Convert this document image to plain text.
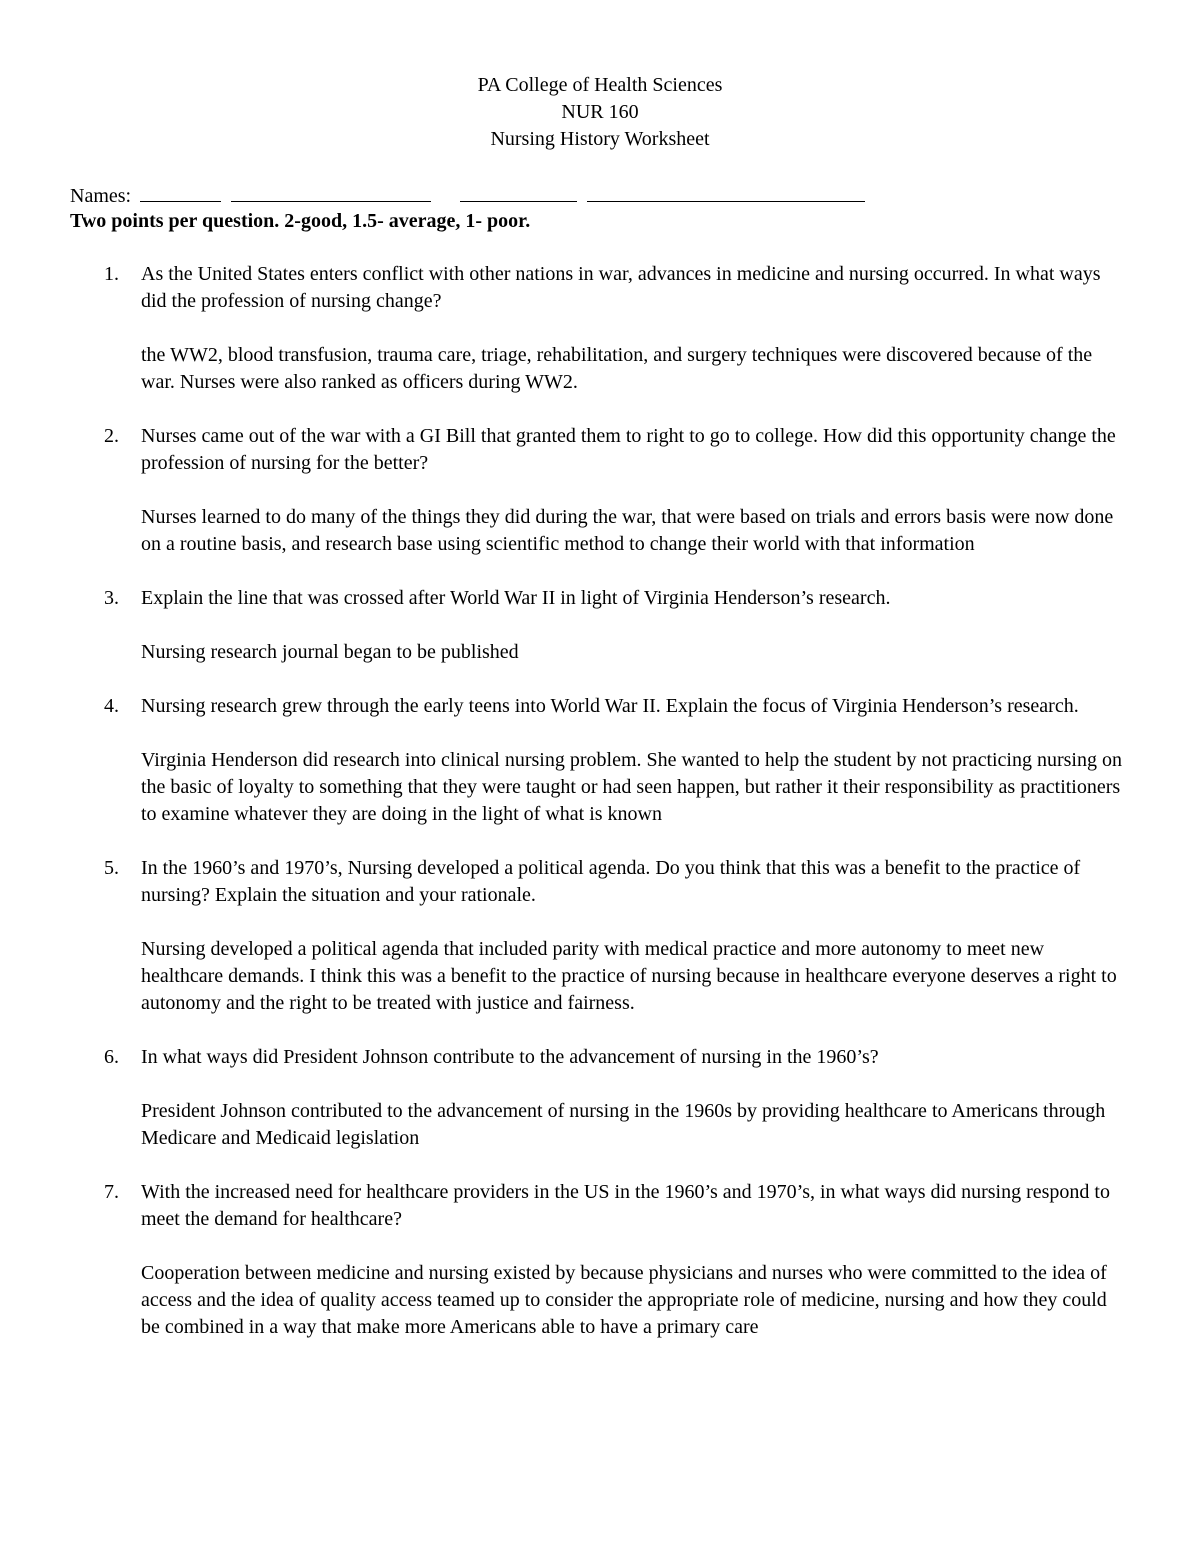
PA College of Health Sciences
NUR 160
Nursing History Worksheet
Names:
Two points per question. 2-good, 1.5- average, 1- poor.
1. As the United States enters conflict with other nations in war, advances in medicine and nursing occurred. In what ways did the profession of nursing change?
the WW2, blood transfusion, trauma care, triage, rehabilitation, and surgery techniques were discovered because of the war. Nurses were also ranked as officers during WW2.
2. Nurses came out of the war with a GI Bill that granted them to right to go to college. How did this opportunity change the profession of nursing for the better?
Nurses learned to do many of the things they did during the war, that were based on trials and errors basis were now done on a routine basis, and research base using scientific method to change their world with that information
3. Explain the line that was crossed after World War II in light of Virginia Henderson’s research.
Nursing research journal began to be published
4. Nursing research grew through the early teens into World War II. Explain the focus of Virginia Henderson’s research.
Virginia Henderson did research into clinical nursing problem. She wanted to help the student by not practicing nursing on the basic of loyalty to something that they were taught or had seen happen, but rather it their responsibility as practitioners to examine whatever they are doing in the light of what is known
5. In the 1960’s and 1970’s, Nursing developed a political agenda. Do you think that this was a benefit to the practice of nursing? Explain the situation and your rationale.
Nursing developed a political agenda that included parity with medical practice and more autonomy to meet new healthcare demands. I think this was a benefit to the practice of nursing because in healthcare everyone deserves a right to autonomy and the right to be treated with justice and fairness.
6. In what ways did President Johnson contribute to the advancement of nursing in the 1960’s?
President Johnson contributed to the advancement of nursing in the 1960s by providing healthcare to Americans through Medicare and Medicaid legislation
7. With the increased need for healthcare providers in the US in the 1960’s and 1970’s, in what ways did nursing respond to meet the demand for healthcare?
Cooperation between medicine and nursing existed by because physicians and nurses who were committed to the idea of access and the idea of quality access teamed up to consider the appropriate role of medicine, nursing and how they could be combined in a way that make more Americans able to have a primary care
